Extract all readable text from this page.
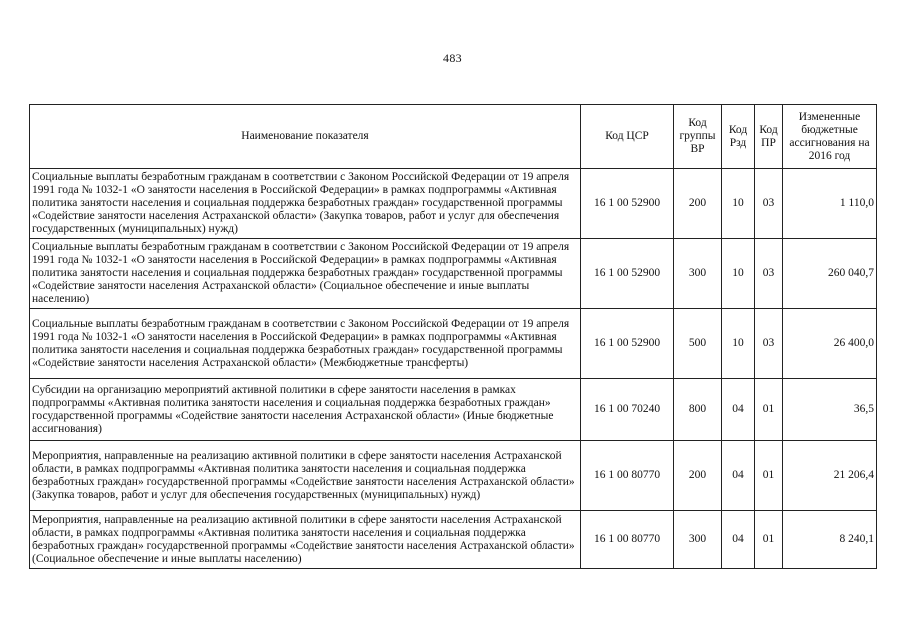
483
Наименование показателя	Код ЦСР	Код группы ВР	Код Рзд	Код ПР	Измененные бюджетные ассигнования на 2016 год
Социальные выплаты безработным гражданам в соответствии с Законом Российской Федерации от 19 апреля 1991 года № 1032-1 «О занятости населения в Российской Федерации» в рамках подпрограммы «Активная политика занятости населения и социальная поддержка безработных граждан» государственной программы «Содействие занятости населения Астраханской области» (Закупка товаров, работ и услуг для обеспечения государственных (муниципальных) нужд)	16 1 00 52900	200	10	03	1 110,0
Социальные выплаты безработным гражданам в соответствии с Законом Российской Федерации от 19 апреля 1991 года № 1032-1 «О занятости населения в Российской Федерации» в рамках подпрограммы «Активная политика занятости населения и социальная поддержка безработных граждан» государственной программы «Содействие занятости населения Астраханской области» (Социальное обеспечение и иные выплаты населению)	16 1 00 52900	300	10	03	260 040,7
Социальные выплаты безработным гражданам в соответствии с Законом Российской Федерации от 19 апреля 1991 года № 1032-1 «О занятости населения в Российской Федерации» в рамках подпрограммы «Активная политика занятости населения и социальная поддержка безработных граждан» государственной программы «Содействие занятости населения Астраханской области» (Межбюджетные трансферты)	16 1 00 52900	500	10	03	26 400,0
Субсидии на организацию мероприятий активной политики в сфере занятости населения в рамках подпрограммы «Активная политика занятости населения и социальная поддержка безработных граждан» государственной программы «Содействие занятости населения Астраханской области» (Иные бюджетные ассигнования)	16 1 00 70240	800	04	01	36,5
Мероприятия, направленные на реализацию активной политики в сфере занятости населения Астраханской области, в рамках подпрограммы «Активная политика занятости населения и социальная поддержка безработных граждан» государственной программы «Содействие занятости населения Астраханской области» (Закупка товаров, работ и услуг для обеспечения государственных (муниципальных) нужд)	16 1 00 80770	200	04	01	21 206,4
Мероприятия, направленные на реализацию активной политики в сфере занятости населения Астраханской области, в рамках подпрограммы «Активная политика занятости населения и социальная поддержка безработных граждан» государственной программы «Содействие занятости населения Астраханской области» (Социальное обеспечение и иные выплаты населению)	16 1 00 80770	300	04	01	8 240,1
